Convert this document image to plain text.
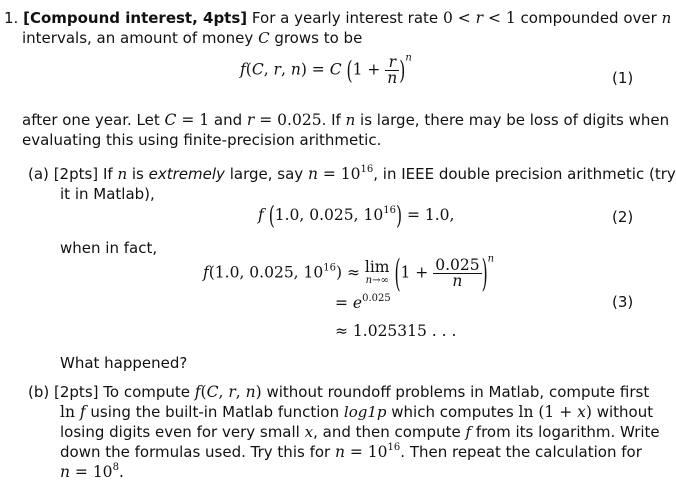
1. [Compound interest, 4pts] For a yearly interest rate 0 < r < 1 compounded over n
intervals, an amount of money C grows to be
f(C, r, n) = C $(1 + \frac{r}{n} )^n$
(1)
after one year. Let C = 1 and r = 0.025. If n is large, there may be loss of digits when
evaluating this using finite-precision arithmetic.
(a) [2pts] If n is extremely large, say $n = 10^{16}$, in IEEE double precision arithmetic (try
it in Matlab),
f (1.0, 0.025, $10^{16}) = 1.0$,	(2)
when in fact,
f(1.0, 0.025, $10^{16}) \approx \lim$
n→∞ $(1 + \frac{0.025}{n} )^n$
= $e^{0.025}$	(3)
≈ 1.025315 . . .
What happened?
(b) [2pts] To compute f(C, r, n) without roundoff problems in Matlab, compute first
ln f using the built-in Matlab function log1p which computes ln (1 + x) without
losing digits even for very small x, and then compute f from its logarithm. Write
down the formulas used. Try this for $n = 10^{16}$. Then repeat the calculation for
$n = 10^8$.
